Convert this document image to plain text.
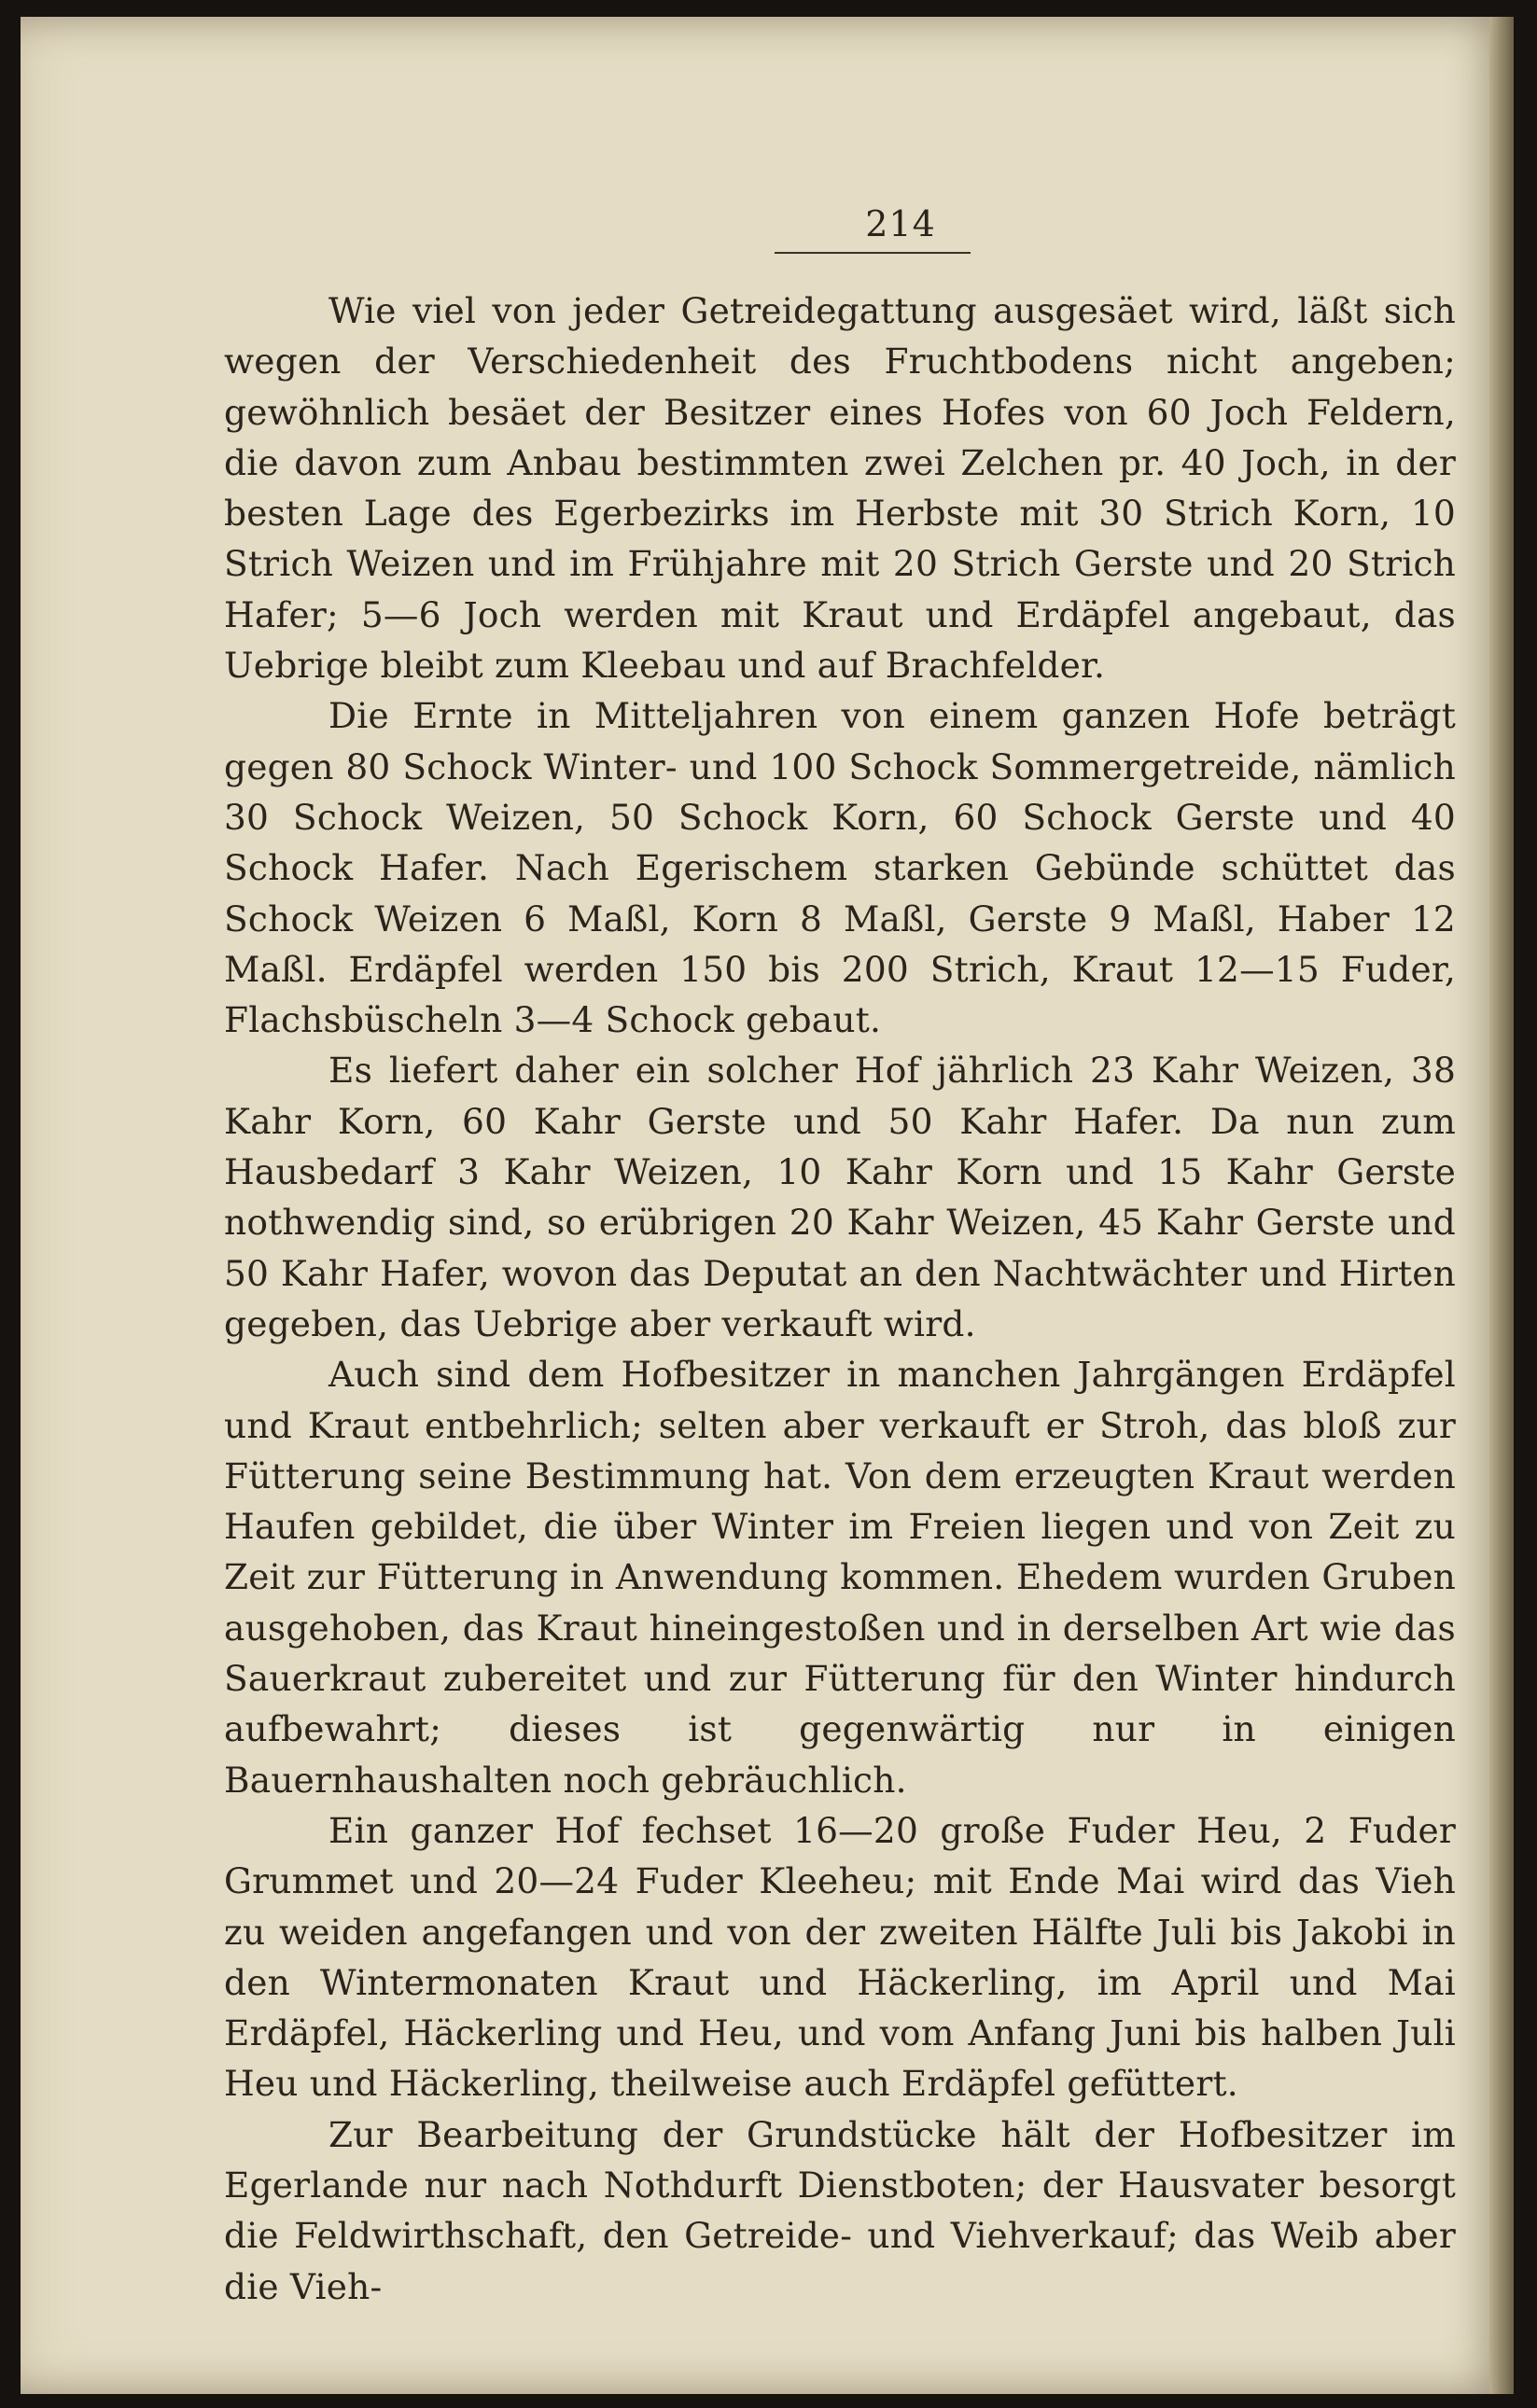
214

Wie viel von jeder Getreidegattung ausgesäet wird, läßt sich wegen der Verschiedenheit des Fruchtbodens nicht angeben; gewöhnlich besäet der Besitzer eines Hofes von 60 Joch Feldern, die davon zum Anbau bestimmten zwei Zelchen pr. 40 Joch, in der besten Lage des Egerbezirks im Herbste mit 30 Strich Korn, 10 Strich Weizen und im Frühjahre mit 20 Strich Gerste und 20 Strich Hafer; 5—6 Joch werden mit Kraut und Erdäpfel angebaut, das Uebrige bleibt zum Kleebau und auf Brachfelder.

Die Ernte in Mitteljahren von einem ganzen Hofe beträgt gegen 80 Schock Winter- und 100 Schock Sommergetreide, nämlich 30 Schock Weizen, 50 Schock Korn, 60 Schock Gerste und 40 Schock Hafer. Nach Egerischem starken Gebünde schüttet das Schock Weizen 6 Maßl, Korn 8 Maßl, Gerste 9 Maßl, Haber 12 Maßl. Erdäpfel werden 150 bis 200 Strich, Kraut 12—15 Fuder, Flachsbüscheln 3—4 Schock gebaut.

Es liefert daher ein solcher Hof jährlich 23 Kahr Weizen, 38 Kahr Korn, 60 Kahr Gerste und 50 Kahr Hafer. Da nun zum Hausbedarf 3 Kahr Weizen, 10 Kahr Korn und 15 Kahr Gerste nothwendig sind, so erübrigen 20 Kahr Weizen, 45 Kahr Gerste und 50 Kahr Hafer, wovon das Deputat an den Nachtwächter und Hirten gegeben, das Uebrige aber verkauft wird.

Auch sind dem Hofbesitzer in manchen Jahrgängen Erdäpfel und Kraut entbehrlich; selten aber verkauft er Stroh, das bloß zur Fütterung seine Bestimmung hat. Von dem erzeugten Kraut werden Haufen gebildet, die über Winter im Freien liegen und von Zeit zu Zeit zur Fütterung in Anwendung kommen. Ehedem wurden Gruben ausgehoben, das Kraut hineingestoßen und in derselben Art wie das Sauerkraut zubereitet und zur Fütterung für den Winter hindurch aufbewahrt; dieses ist gegenwärtig nur in einigen Bauernhaushalten noch gebräuchlich.

Ein ganzer Hof fechset 16—20 große Fuder Heu, 2 Fuder Grummet und 20—24 Fuder Kleeheu; mit Ende Mai wird das Vieh zu weiden angefangen und von der zweiten Hälfte Juli bis Jakobi in den Wintermonaten Kraut und Häckerling, im April und Mai Erdäpfel, Häckerling und Heu, und vom Anfang Juni bis halben Juli Heu und Häckerling, theilweise auch Erdäpfel gefüttert.

Zur Bearbeitung der Grundstücke hält der Hofbesitzer im Egerlande nur nach Nothdurft Dienstboten; der Hausvater besorgt die Feldwirthschaft, den Getreide- und Viehverkauf; das Weib aber die Vieh-
